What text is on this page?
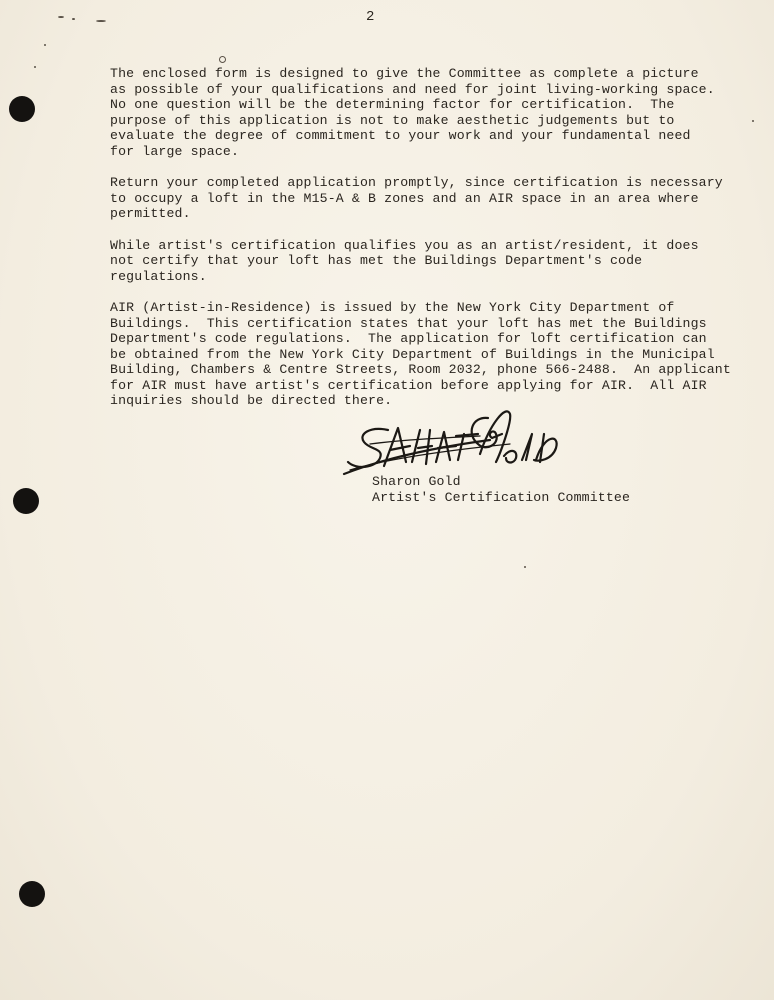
2

The enclosed form is designed to give the Committee as complete a picture
as possible of your qualifications and need for joint living-working space.
No one question will be the determining factor for certification.  The
purpose of this application is not to make aesthetic judgements but to
evaluate the degree of commitment to your work and your fundamental need
for large space.

Return your completed application promptly, since certification is necessary
to occupy a loft in the M15-A & B zones and an AIR space in an area where
permitted.

While artist's certification qualifies you as an artist/resident, it does
not certify that your loft has met the Buildings Department's code
regulations.

AIR (Artist-in-Residence) is issued by the New York City Department of
Buildings.  This certification states that your loft has met the Buildings
Department's code regulations.  The application for loft certification can
be obtained from the New York City Department of Buildings in the Municipal
Building, Chambers & Centre Streets, Room 2032, phone 566-2488.  An applicant
for AIR must have artist's certification before applying for AIR.  All AIR
inquiries should be directed there.

Sharon Gold
Artist's Certification Committee
